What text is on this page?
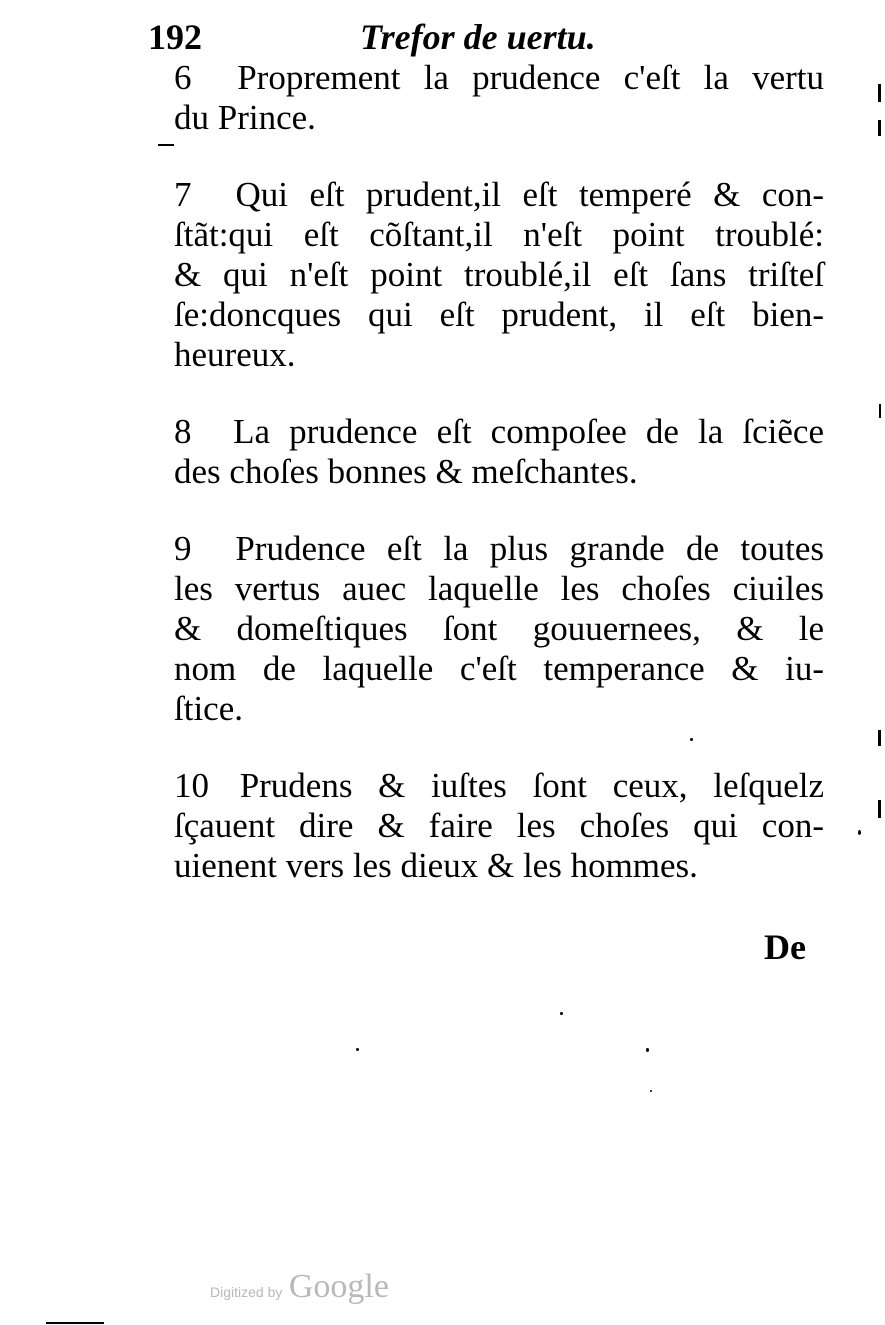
192	Trefor de uertu.

6 Proprement la prudence c'eſt la vertu
du Prince.

7 Qui eſt prudent,il eſt temperé & con-
ſtãt:qui eſt cõſtant,il n'eſt point troublé:
& qui n'eſt point troublé,il eſt ſans triſteſ
ſe:doncques qui eſt prudent, il eſt bien-
heureux.

8 La prudence eſt compoſee de la ſciẽce
des choſes bonnes & meſchantes.

9 Prudence eſt la plus grande de toutes
les vertus auec laquelle les choſes ciuiles
& domeſtiques ſont gouuernees, & le
nom de laquelle c'eſt temperance & iu-
ſtice.

10 Prudens & iuſtes ſont ceux, leſquelz
ſçauent dire & faire les choſes qui con-
uienent vers les dieux & les hommes.

De
Digitized by Google
